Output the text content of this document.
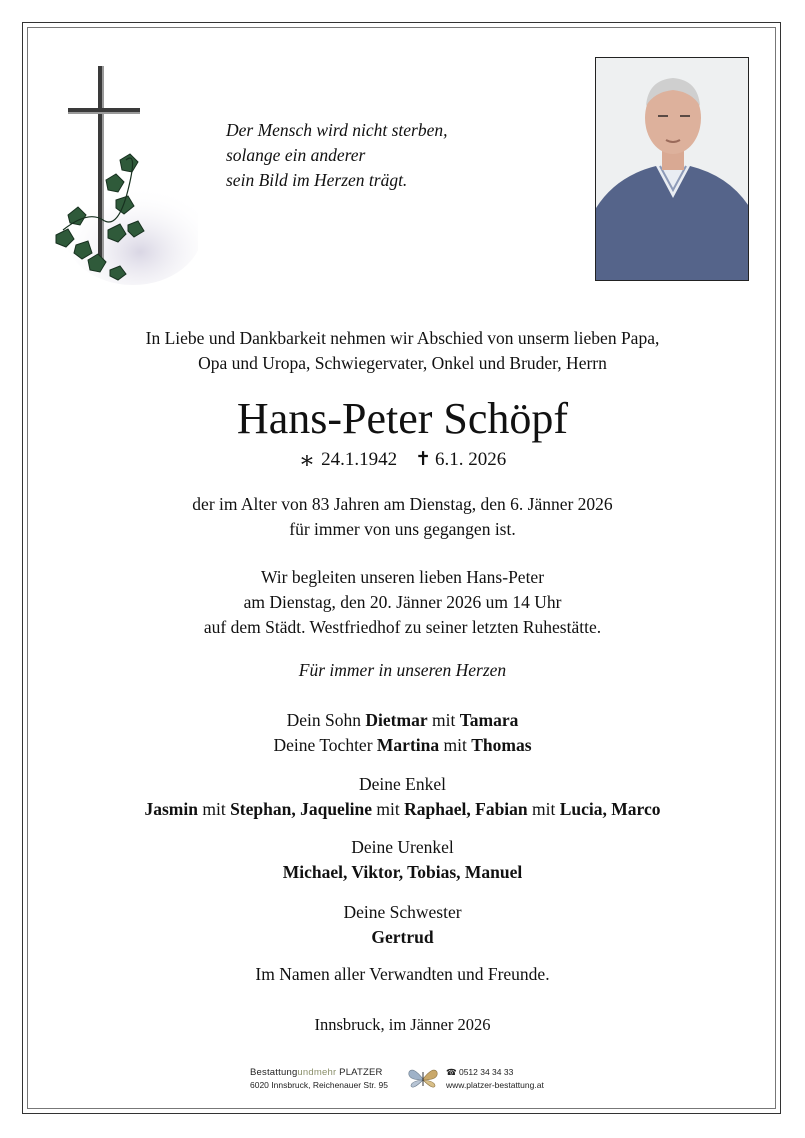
Der Mensch wird nicht sterben,
solange ein anderer
sein Bild im Herzen trägt.
In Liebe und Dankbarkeit nehmen wir Abschied von unserm lieben Papa,
Opa und Uropa, Schwiegervater, Onkel und Bruder, Herrn
Hans-Peter Schöpf
∗ 24.1.1942 ✝ 6.1. 2026
der im Alter von 83 Jahren am Dienstag, den 6. Jänner 2026
für immer von uns gegangen ist.
Wir begleiten unseren lieben Hans-Peter
am Dienstag, den 20. Jänner 2026 um 14 Uhr
auf dem Städt. Westfriedhof zu seiner letzten Ruhestätte.
Für immer in unseren Herzen
Dein Sohn Dietmar mit Tamara
Deine Tochter Martina mit Thomas
Deine Enkel
Jasmin mit Stephan, Jaqueline mit Raphael, Fabian mit Lucia, Marco
Deine Urenkel
Michael, Viktor, Tobias, Manuel
Deine Schwester
Gertrud
Im Namen aller Verwandten und Freunde.
Innsbruck, im Jänner 2026
Bestattungundmehr PLATZER
6020 Innsbruck, Reichenauer Str. 95
☎ 0512 34 34 33
www.platzer-bestattung.at
